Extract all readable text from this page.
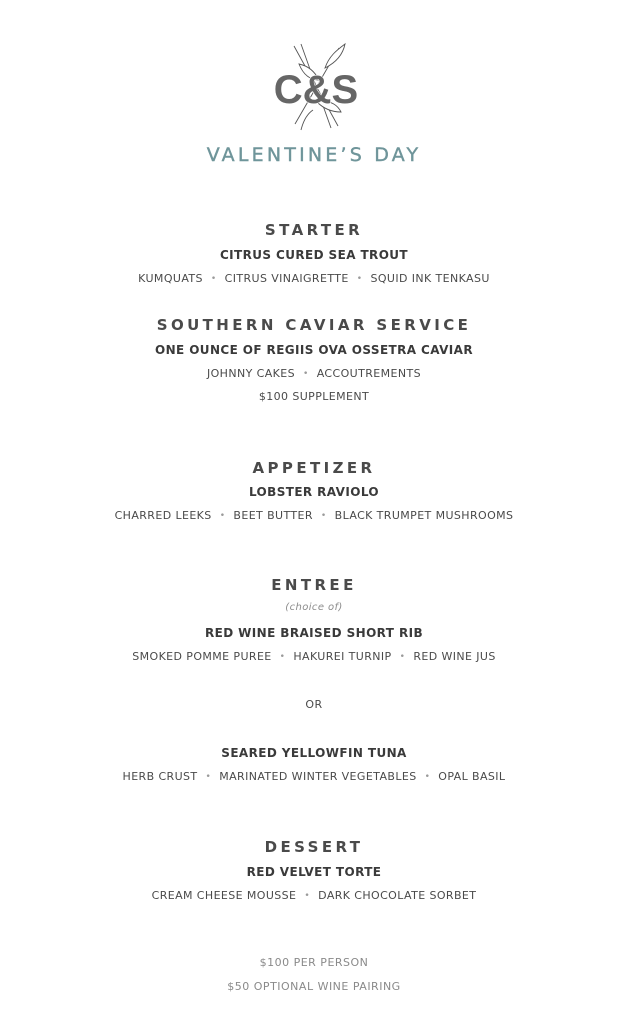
C&S
VALENTINE’S DAY
STARTER
CITRUS CURED SEA TROUT
KUMQUATS • CITRUS VINAIGRETTE • SQUID INK TENKASU
SOUTHERN CAVIAR SERVICE
ONE OUNCE OF REGIIS OVA OSSETRA CAVIAR
JOHNNY CAKES • ACCOUTREMENTS
$100 SUPPLEMENT
APPETIZER
LOBSTER RAVIOLO
CHARRED LEEKS • BEET BUTTER • BLACK TRUMPET MUSHROOMS
ENTREE
(choice of)
RED WINE BRAISED SHORT RIB
SMOKED POMME PUREE • HAKUREI TURNIP • RED WINE JUS
OR
SEARED YELLOWFIN TUNA
HERB CRUST • MARINATED WINTER VEGETABLES • OPAL BASIL
DESSERT
RED VELVET TORTE
CREAM CHEESE MOUSSE • DARK CHOCOLATE SORBET
$100 PER PERSON
$50 OPTIONAL WINE PAIRING
